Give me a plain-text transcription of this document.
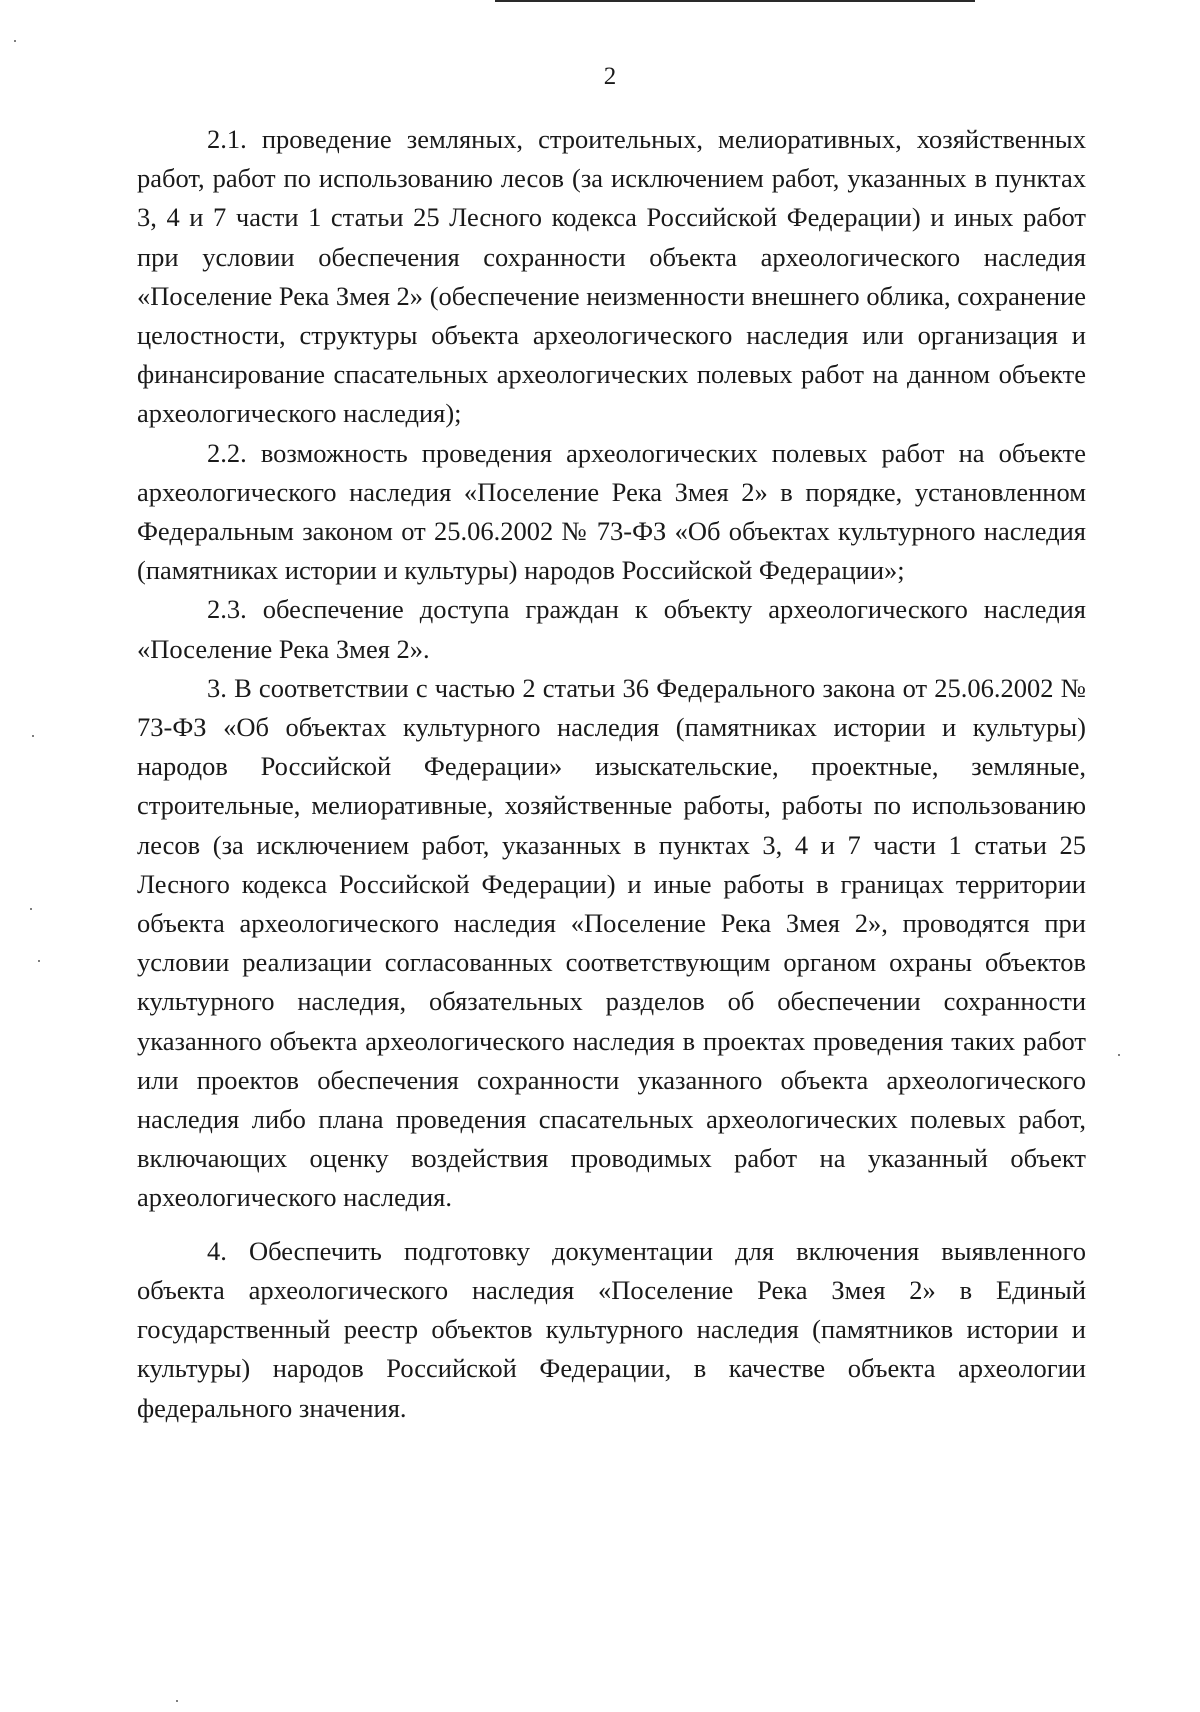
2

2.1. проведение земляных, строительных, мелиоративных, хозяйственных работ, работ по использованию лесов (за исключением работ, указанных в пунктах 3, 4 и 7 части 1 статьи 25 Лесного кодекса Российской Федерации) и иных работ при условии обеспечения сохранности объекта археологического наследия «Поселение Река Змея 2» (обеспечение неизменности внешнего облика, сохранение целостности, структуры объекта археологического наследия или организация и финансирование спасательных археологических полевых работ на данном объекте археологического наследия);

2.2. возможность проведения археологических полевых работ на объекте археологического наследия «Поселение Река Змея 2» в порядке, установленном Федеральным законом от 25.06.2002 № 73-ФЗ «Об объектах культурного наследия (памятниках истории и культуры) народов Российской Федерации»;

2.3. обеспечение доступа граждан к объекту археологического наследия «Поселение Река Змея 2».

3. В соответствии с частью 2 статьи 36 Федерального закона от 25.06.2002 № 73-ФЗ «Об объектах культурного наследия (памятниках истории и культуры) народов Российской Федерации» изыскательские, проектные, земляные, строительные, мелиоративные, хозяйственные работы, работы по использованию лесов (за исключением работ, указанных в пунктах 3, 4 и 7 части 1 статьи 25 Лесного кодекса Российской Федерации) и иные работы в границах территории объекта археологического наследия «Поселение Река Змея 2», проводятся при условии реализации согласованных соответствующим органом охраны объектов культурного наследия, обязательных разделов об обеспечении сохранности указанного объекта археологического наследия в проектах проведения таких работ или проектов обеспечения сохранности указанного объекта археологического наследия либо плана проведения спасательных археологических полевых работ, включающих оценку воздействия проводимых работ на указанный объект археологического наследия.

4. Обеспечить подготовку документации для включения выявленного объекта археологического наследия «Поселение Река Змея 2» в Единый государственный реестр объектов культурного наследия (памятников истории и культуры) народов Российской Федерации, в качестве объекта археологии федерального значения.
